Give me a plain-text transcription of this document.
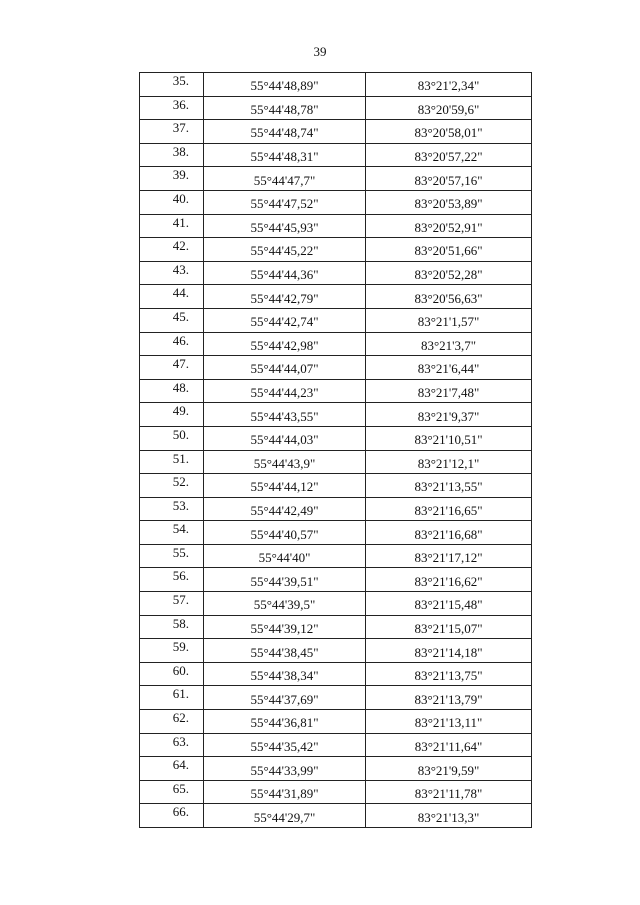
39
35.	55°44'48,89"	83°21'2,34"
36.	55°44'48,78"	83°20'59,6"
37.	55°44'48,74"	83°20'58,01"
38.	55°44'48,31"	83°20'57,22"
39.	55°44'47,7"	83°20'57,16"
40.	55°44'47,52"	83°20'53,89"
41.	55°44'45,93"	83°20'52,91"
42.	55°44'45,22"	83°20'51,66"
43.	55°44'44,36"	83°20'52,28"
44.	55°44'42,79"	83°20'56,63"
45.	55°44'42,74"	83°21'1,57"
46.	55°44'42,98"	83°21'3,7"
47.	55°44'44,07"	83°21'6,44"
48.	55°44'44,23"	83°21'7,48"
49.	55°44'43,55"	83°21'9,37"
50.	55°44'44,03"	83°21'10,51"
51.	55°44'43,9"	83°21'12,1"
52.	55°44'44,12"	83°21'13,55"
53.	55°44'42,49"	83°21'16,65"
54.	55°44'40,57"	83°21'16,68"
55.	55°44'40"	83°21'17,12"
56.	55°44'39,51"	83°21'16,62"
57.	55°44'39,5"	83°21'15,48"
58.	55°44'39,12"	83°21'15,07"
59.	55°44'38,45"	83°21'14,18"
60.	55°44'38,34"	83°21'13,75"
61.	55°44'37,69"	83°21'13,79"
62.	55°44'36,81"	83°21'13,11"
63.	55°44'35,42"	83°21'11,64"
64.	55°44'33,99"	83°21'9,59"
65.	55°44'31,89"	83°21'11,78"
66.	55°44'29,7"	83°21'13,3"
